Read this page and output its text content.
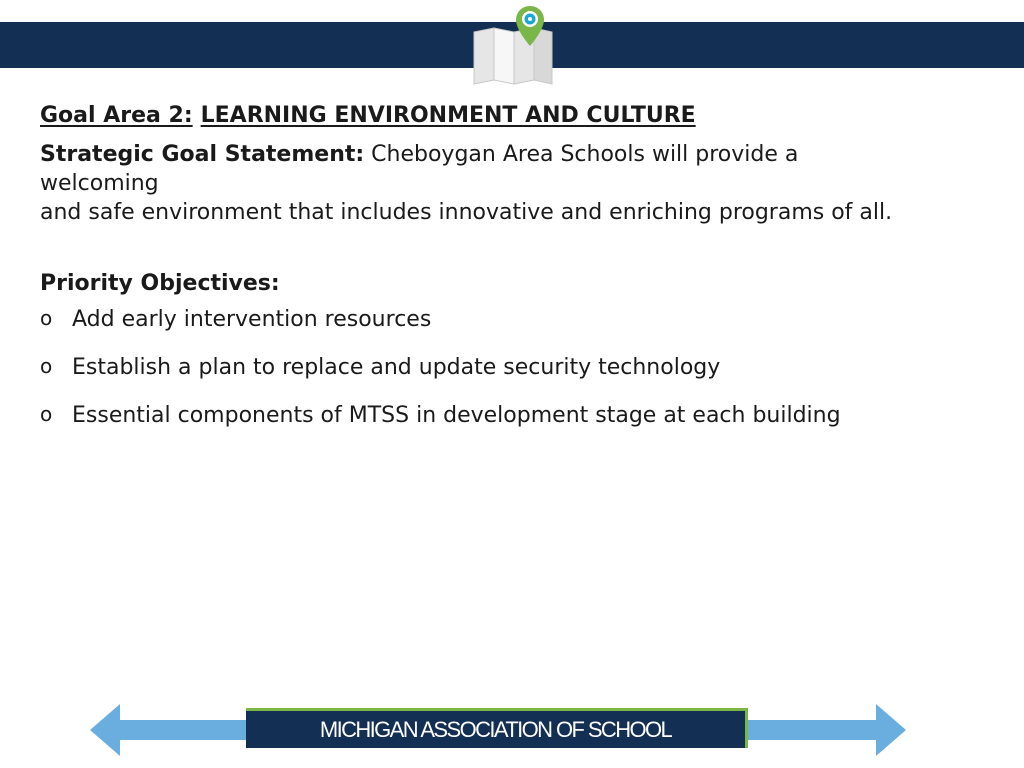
Goal Area 2: LEARNING ENVIRONMENT AND CULTURE

Strategic Goal Statement: Cheboygan Area Schools will provide a
welcoming
and safe environment that includes innovative and enriching programs of all.

Priority Objectives:

o Add early intervention resources
o Establish a plan to replace and update security technology
o Essential components of MTSS in development stage at each building
MICHIGAN ASSOCIATION OF SCHOOL
